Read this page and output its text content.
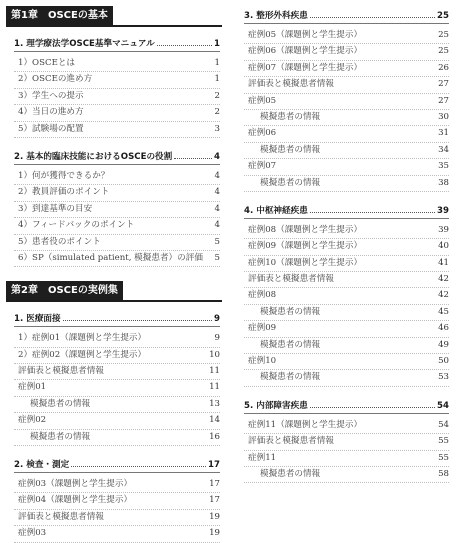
第1章　OSCEの基本
1. 理学療法学OSCE基準マニュアル	1
1）OSCEとは	1
2）OSCEの進め方	1
3）学生への提示	2
4）当日の進め方	2
5）試験場の配置	3
2. 基本的臨床技能におけるOSCEの役割	4
1）何が獲得できるか？	4
2）教員評価のポイント	4
3）到達基準の目安	4
4）フィードバックのポイント	4
5）患者役のポイント	5
6）SP（simulated patient, 模擬患者）の評価 5
第2章　OSCEの実例集
1. 医療面接	9
1）症例01（課題例と学生提示）	9
2）症例02（課題例と学生提示）	10
評価表と模擬患者情報	11
症例01	11
模擬患者の情報	13
症例02	14
模擬患者の情報	16
2. 検査・測定	17
症例03（課題例と学生提示）	17
症例04（課題例と学生提示）	17
評価表と模擬患者情報	19
症例03	19
3. 整形外科疾患	25
症例05（課題例と学生提示）	25
症例06（課題例と学生提示）	25
症例07（課題例と学生提示）	26
評価表と模擬患者情報	27
症例05	27
模擬患者の情報	30
症例06	31
模擬患者の情報	34
症例07	35
模擬患者の情報	38
4. 中枢神経疾患	39
症例08（課題例と学生提示）	39
症例09（課題例と学生提示）	40
症例10（課題例と学生提示）	41
評価表と模擬患者情報	42
症例08	42
模擬患者の情報	45
症例09	46
模擬患者の情報	49
症例10	50
模擬患者の情報	53
5. 内部障害疾患	54
症例11（課題例と学生提示）	54
評価表と模擬患者情報	55
症例11	55
模擬患者の情報	58
